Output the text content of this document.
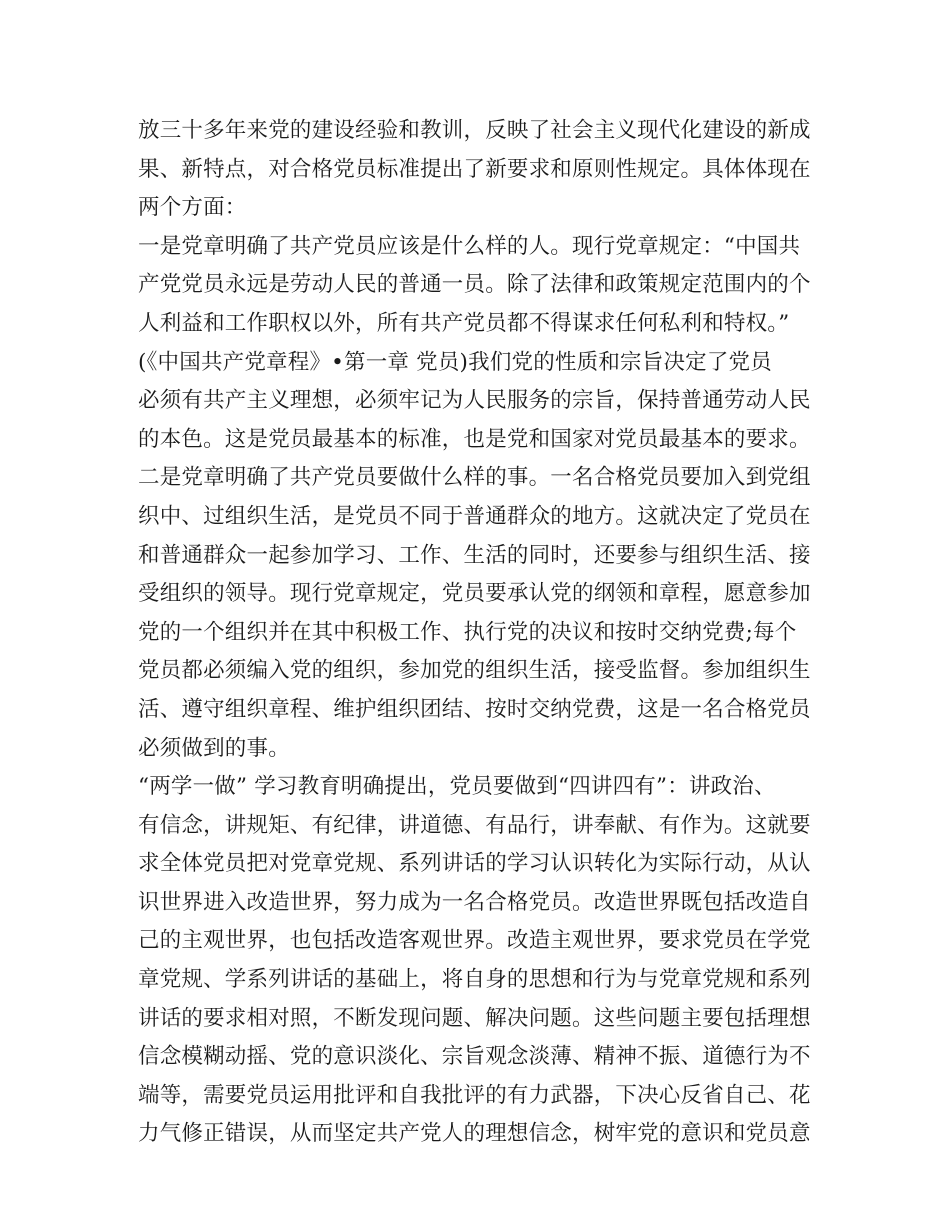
放三十多年来党的建设经验和教训，反映了社会主义现代化建设的新成
果、新特点，对合格党员标准提出了新要求和原则性规定。具体体现在
两个方面：
一是党章明确了共产党员应该是什么样的人。现行党章规定：“中国共
产党党员永远是劳动人民的普通一员。除了法律和政策规定范围内的个
人利益和工作职权以外，所有共产党员都不得谋求任何私利和特权。”
(《中国共产党章程》•第一章 党员)我们党的性质和宗旨决定了党员
必须有共产主义理想，必须牢记为人民服务的宗旨，保持普通劳动人民
的本色。这是党员最基本的标准，也是党和国家对党员最基本的要求。
二是党章明确了共产党员要做什么样的事。一名合格党员要加入到党组
织中、过组织生活，是党员不同于普通群众的地方。这就决定了党员在
和普通群众一起参加学习、工作、生活的同时，还要参与组织生活、接
受组织的领导。现行党章规定，党员要承认党的纲领和章程，愿意参加
党的一个组织并在其中积极工作、执行党的决议和按时交纳党费;每个
党员都必须编入党的组织，参加党的组织生活，接受监督。参加组织生
活、遵守组织章程、维护组织团结、按时交纳党费，这是一名合格党员
必须做到的事。
“两学一做” 学习教育明确提出，党员要做到“四讲四有”：讲政治、
有信念，讲规矩、有纪律，讲道德、有品行，讲奉献、有作为。这就要
求全体党员把对党章党规、系列讲话的学习认识转化为实际行动，从认
识世界进入改造世界，努力成为一名合格党员。改造世界既包括改造自
己的主观世界，也包括改造客观世界。改造主观世界，要求党员在学党
章党规、学系列讲话的基础上，将自身的思想和行为与党章党规和系列
讲话的要求相对照，不断发现问题、解决问题。这些问题主要包括理想
信念模糊动摇、党的意识淡化、宗旨观念淡薄、精神不振、道德行为不
端等，需要党员运用批评和自我批评的有力武器，下决心反省自己、花
力气修正错误，从而坚定共产党人的理想信念，树牢党的意识和党员意
